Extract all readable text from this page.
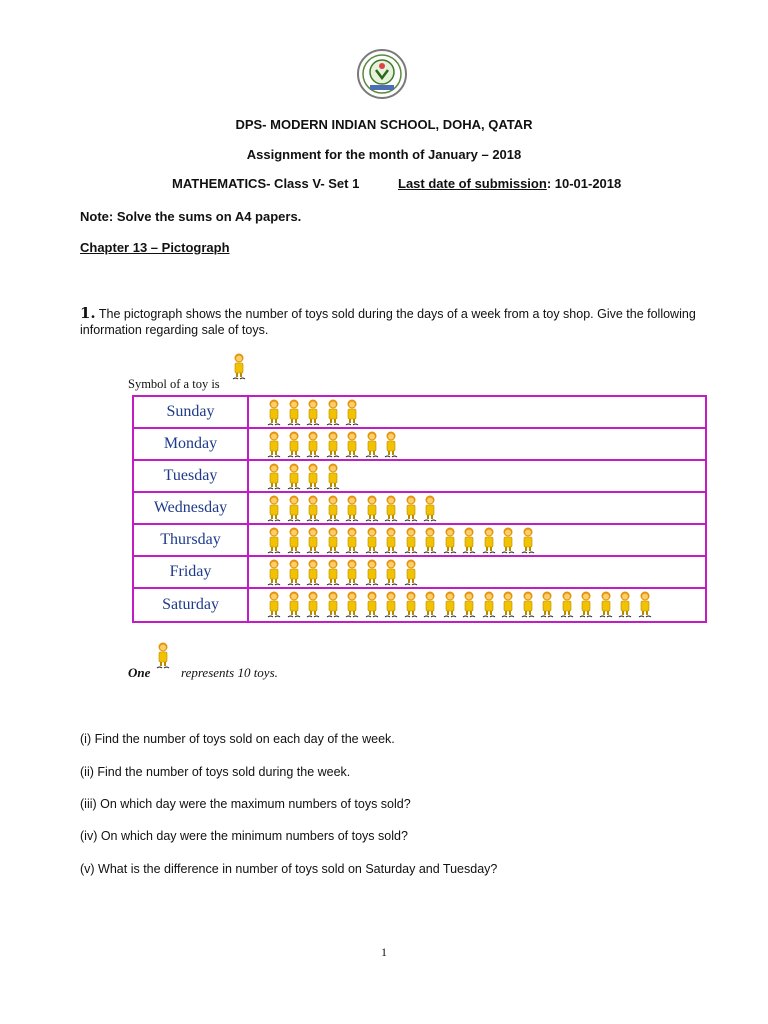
DPS- MODERN INDIAN SCHOOL, DOHA, QATAR
Assignment for the month of January – 2018
MATHEMATICS- Class V- Set 1	Last date of submission: 10-01-2018
Note: Solve the sums on A4 papers.
Chapter 13 – Pictograph
1. The pictograph shows the number of toys sold during the days of a week from a toy shop. Give the following information regarding sale of toys.
Symbol of a toy is
Sunday
Monday
Tuesday
Wednesday
Thursday
Friday
Saturday
One represents 10 toys.
(i) Find the number of toys sold on each day of the week.
(ii) Find the number of toys sold during the week.
(iii) On which day were the maximum numbers of toys sold?
(iv) On which day were the minimum numbers of toys sold?
(v) What is the difference in number of toys sold on Saturday and Tuesday?
1
